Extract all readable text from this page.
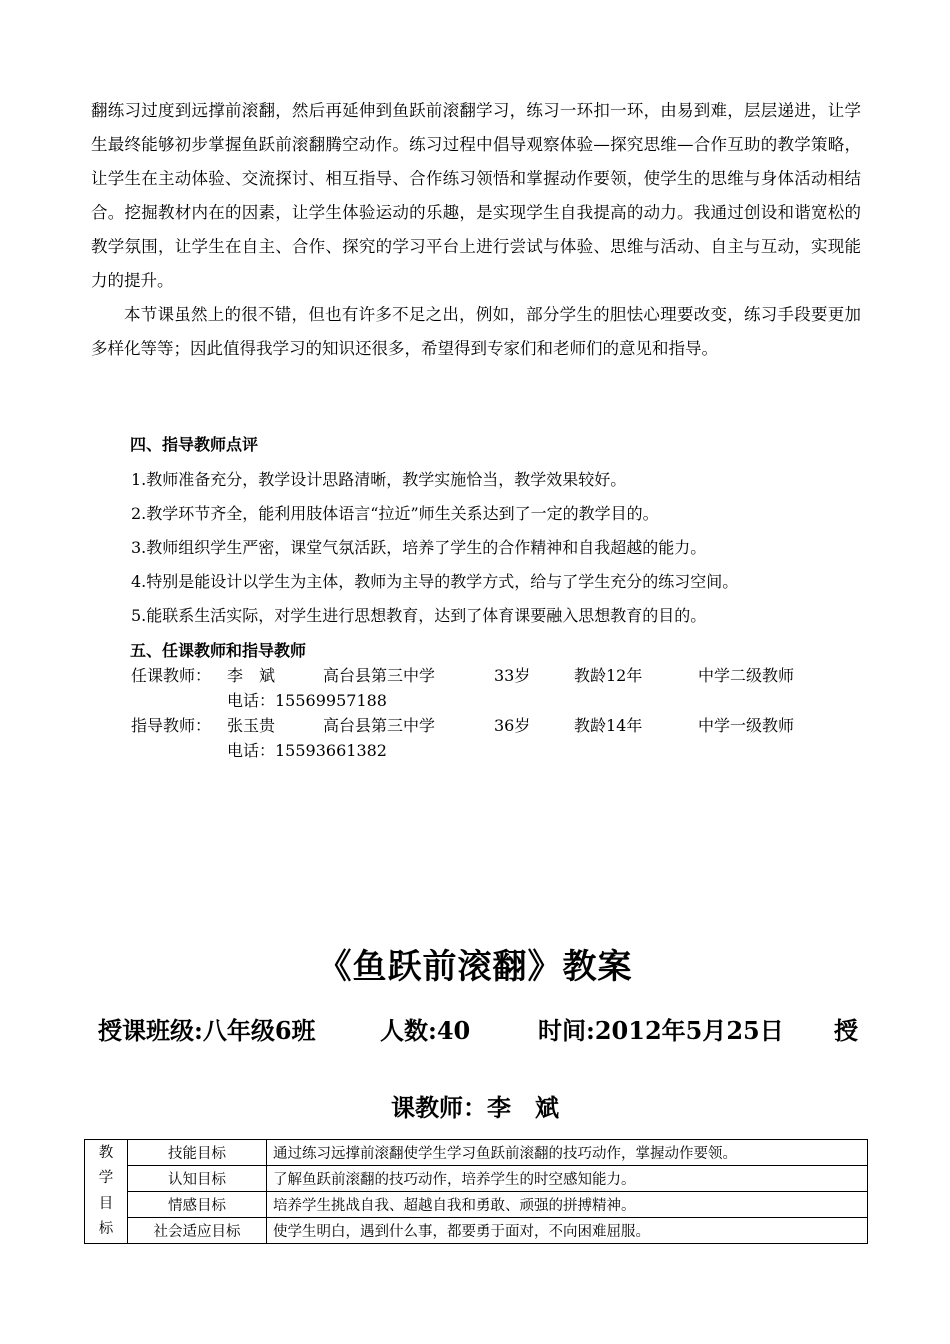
翻练习过度到远撑前滚翻，然后再延伸到鱼跃前滚翻学习，练习一环扣一环，由易到难，层层递进，让学生最终能够初步掌握鱼跃前滚翻腾空动作。练习过程中倡导观察体验—探究思维—合作互助的教学策略，让学生在主动体验、交流探讨、相互指导、合作练习领悟和掌握动作要领，使学生的思维与身体活动相结合。挖掘教材内在的因素，让学生体验运动的乐趣，是实现学生自我提高的动力。我通过创设和谐宽松的教学氛围，让学生在自主、合作、探究的学习平台上进行尝试与体验、思维与活动、自主与互动，实现能力的提升。

本节课虽然上的很不错，但也有许多不足之出，例如，部分学生的胆怯心理要改变，练习手段要更加多样化等等；因此值得我学习的知识还很多，希望得到专家们和老师们的意见和指导。

四、指导教师点评
1.教师准备充分，教学设计思路清晰，教学实施恰当，教学效果较好。
2.教学环节齐全，能利用肢体语言“拉近”师生关系达到了一定的教学目的。
3.教师组织学生严密，课堂气氛活跃，培养了学生的合作精神和自我超越的能力。
4.特别是能设计以学生为主体，教师为主导的教学方式，给与了学生充分的练习空间。
5.能联系生活实际，对学生进行思想教育，达到了体育课要融入思想教育的目的。
五、任课教师和指导教师
任课教师： 李　斌	高台县第三中学	33岁	教龄12年	中学二级教师
电话：15569957188
指导教师： 张玉贵	高台县第三中学	36岁	教龄14年	中学一级教师
电话：15593661382
《鱼跃前滚翻》教案
授课班级:八年级6班	人数:40	时间:2012年5月25日 授
课教师：李　斌
教
学
目
标	技能目标	通过练习远撑前滚翻使学生学习鱼跃前滚翻的技巧动作，掌握动作要领。
	认知目标	了解鱼跃前滚翻的技巧动作，培养学生的时空感知能力。
	情感目标	培养学生挑战自我、超越自我和勇敢、顽强的拼搏精神。
	社会适应目标	使学生明白，遇到什么事，都要勇于面对，不向困难屈服。
